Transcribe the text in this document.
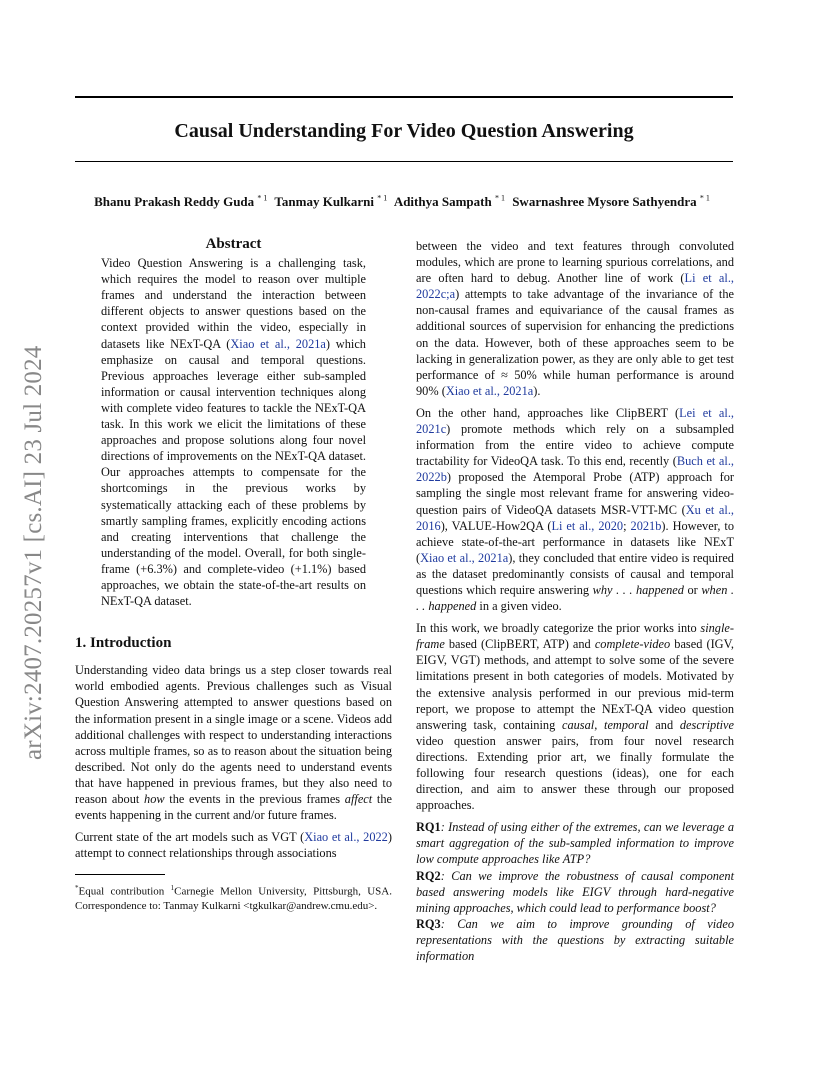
Causal Understanding For Video Question Answering
Bhanu Prakash Reddy Guda $^{* 1}$ Tanmay Kulkarni $^{* 1}$ Adithya Sampath $^{* 1}$ Swarnashree Mysore Sathyendra $^{* 1}$
arXiv:2407.20257v1 [cs.AI] 23 Jul 2024
Abstract

Video Question Answering is a challenging task, which requires the model to reason over multiple frames and understand the interaction between different objects to answer questions based on the context provided within the video, especially in datasets like NExT-QA (Xiao et al., 2021a) which emphasize on causal and temporal questions. Previous approaches leverage either sub-sampled information or causal intervention techniques along with complete video features to tackle the NExT-QA task. In this work we elicit the limitations of these approaches and propose solutions along four novel directions of improvements on the NExT-QA dataset. Our approaches attempts to compensate for the shortcomings in the previous works by systematically attacking each of these problems by smartly sampling frames, explicitly encoding actions and creating interventions that challenge the understanding of the model. Overall, for both single-frame (+6.3%) and complete-video (+1.1%) based approaches, we obtain the state-of-the-art results on NExT-QA dataset.

1. Introduction

Understanding video data brings us a step closer towards real world embodied agents. Previous challenges such as Visual Question Answering attempted to answer questions based on the information present in a single image or a scene. Videos add additional challenges with respect to understanding interactions across multiple frames, so as to reason about the situation being described. Not only do the agents need to understand events that have happened in previous frames, but they also need to reason about how the events in the previous frames affect the events happening in the current and/or future frames.

Current state of the art models such as VGT (Xiao et al., 2022) attempt to connect relationships through associations

*Equal contribution $^1$Carnegie Mellon University, Pittsburgh, USA. Correspondence to: Tanmay Kulkarni <tgkulkar@andrew.cmu.edu>.

between the video and text features through convoluted modules, which are prone to learning spurious correlations, and are often hard to debug. Another line of work (Li et al., 2022c;a) attempts to take advantage of the invariance of the non-causal frames and equivariance of the causal frames as additional sources of supervision for enhancing the predictions on the data. However, both of these approaches seem to be lacking in generalization power, as they are only able to get test performance of ≈ 50% while human performance is around 90% (Xiao et al., 2021a).

On the other hand, approaches like ClipBERT (Lei et al., 2021c) promote methods which rely on a subsampled information from the entire video to achieve compute tractability for VideoQA task. To this end, recently (Buch et al., 2022b) proposed the Atemporal Probe (ATP) approach for sampling the single most relevant frame for answering video-question pairs of VideoQA datasets MSR-VTT-MC (Xu et al., 2016), VALUE-How2QA (Li et al., 2020; 2021b). However, to achieve state-of-the-art performance in datasets like NExT (Xiao et al., 2021a), they concluded that entire video is required as the dataset predominantly consists of causal and temporal questions which require answering why . . . happened or when . . . happened in a given video.

In this work, we broadly categorize the prior works into single-frame based (ClipBERT, ATP) and complete-video based (IGV, EIGV, VGT) methods, and attempt to solve some of the severe limitations present in both categories of models. Motivated by the extensive analysis performed in our previous mid-term report, we propose to attempt the NExT-QA video question answering task, containing causal, temporal and descriptive video question answer pairs, from four novel research directions. Extending prior art, we finally formulate the following four research questions (ideas), one for each direction, and aim to answer these through our proposed approaches.

RQ1: Instead of using either of the extremes, can we leverage a smart aggregation of the sub-sampled information to improve low compute approaches like ATP?

RQ2: Can we improve the robustness of causal component based answering models like EIGV through hard-negative mining approaches, which could lead to performance boost?

RQ3: Can we aim to improve grounding of video representations with the questions by extracting suitable information
